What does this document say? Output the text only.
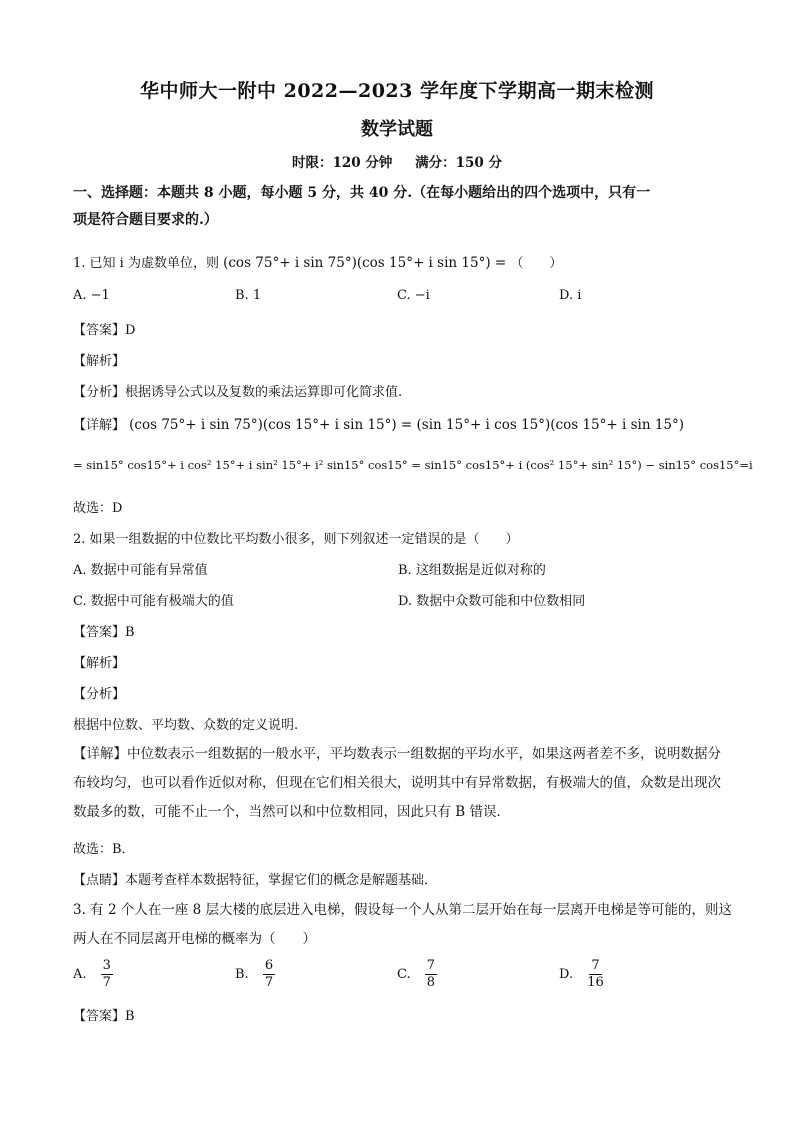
华中师大一附中 2022—2023 学年度下学期高一期末检测
数学试题
时限：120 分钟 满分：150 分
一、选择题：本题共 8 小题，每小题 5 分，共 40 分.（在每小题给出的四个选项中，只有一
项是符合题目要求的.）
1. 已知 i 为虚数单位，则 (cos 75°+ i sin 75°)(cos 15°+ i sin 15°) = （　　）
A. −1	B. 1	C. −i	D. i
【答案】D
【解析】
【分析】根据诱导公式以及复数的乘法运算即可化简求值.
【详解】 (cos 75°+ i sin 75°)(cos 15°+ i sin 15°) = (sin 15°+ i cos 15°)(cos 15°+ i sin 15°)
= sin15° cos15°+ i cos² 15°+ i sin² 15°+ i² sin15° cos15° = sin15° cos15°+ i (cos² 15°+ sin² 15°) − sin15° cos15°=i
故选：D
2. 如果一组数据的中位数比平均数小很多，则下列叙述一定错误的是（　　）
A. 数据中可能有异常值	B. 这组数据是近似对称的
C. 数据中可能有极端大的值	D. 数据中众数可能和中位数相同
【答案】B
【解析】
【分析】
根据中位数、平均数、众数的定义说明.
【详解】中位数表示一组数据的一般水平，平均数表示一组数据的平均水平，如果这两者差不多，说明数据分布较均匀，也可以看作近似对称，但现在它们相关很大，说明其中有异常数据，有极端大的值，众数是出现次数最多的数，可能不止一个，当然可以和中位数相同，因此只有 B 错误．
故选：B．
【点睛】本题考查样本数据特征，掌握它们的概念是解题基础．
3. 有 2 个人在一座 8 层大楼的底层进入电梯，假设每一个人从第二层开始在每一层离开电梯是等可能的，则这两人在不同层离开电梯的概率为（　　）
A. $\frac{3}{7}$	B. $\frac{6}{7}$	C. $\frac{7}{8}$	D. $\frac{7}{16}$
【答案】B
